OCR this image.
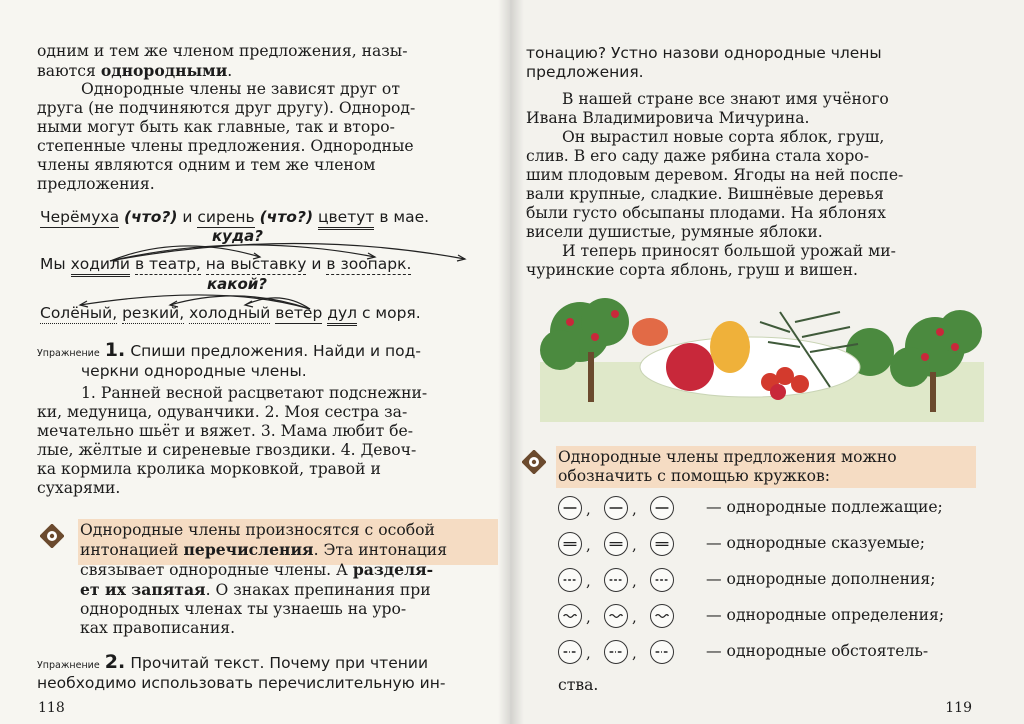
одним и тем же членом предложения, назы-
ваются однородными.
Однородные члены не зависят друг от
друга (не подчиняются друг другу). Однород-
ными могут быть как главные, так и второ-
степенные члены предложения. Однородные
члены являются одним и тем же членом
предложения.
Черёмуха (что?) и сирень (что?) цветут в мае.
куда?
Мы ходили в театр, на выставку и в зоопарк.
какой?
Солёный, резкий, холодный ветер дул с моря.
Упражнение 1. Спиши предложения. Найди и под-
черкни однородные члены.
1. Ранней весной расцветают подснежни-
ки, медуница, одуванчики. 2. Моя сестра за-
мечательно шьёт и вяжет. 3. Мама любит бе-
лые, жёлтые и сиреневые гвоздики. 4. Девоч-
ка кормила кролика морковкой, травой и
сухарями.
Однородные члены произносятся с особой
интонацией перечисления. Эта интонация
связывает однородные члены. А разделя-
ет их запятая. О знаках препинания при
однородных членах ты узнаешь на уро-
ках правописания.
Упражнение 2. Прочитай текст. Почему при чтении
необходимо использовать перечислительную ин-
118
тонацию? Устно назови однородные члены
предложения.
В нашей стране все знают имя учёного
Ивана Владимировича Мичурина.
Он вырастил новые сорта яблок, груш,
слив. В его саду даже рябина стала хоро-
шим плодовым деревом. Ягоды на ней поспе-
вали крупные, сладкие. Вишнёвые деревья
были густо обсыпаны плодами. На яблонях
висели душистые, румяные яблоки.
И теперь приносят большой урожай ми-
чуринские сорта яблонь, груш и вишен.
Однородные члены предложения можно
обозначить с помощью кружков:
,	,	— однородные подлежащие;
,	,	— однородные сказуемые;
,	,	— однородные дополнения;
,	,	— однородные определения;
,	,	— однородные обстоятель-
ства.
119
